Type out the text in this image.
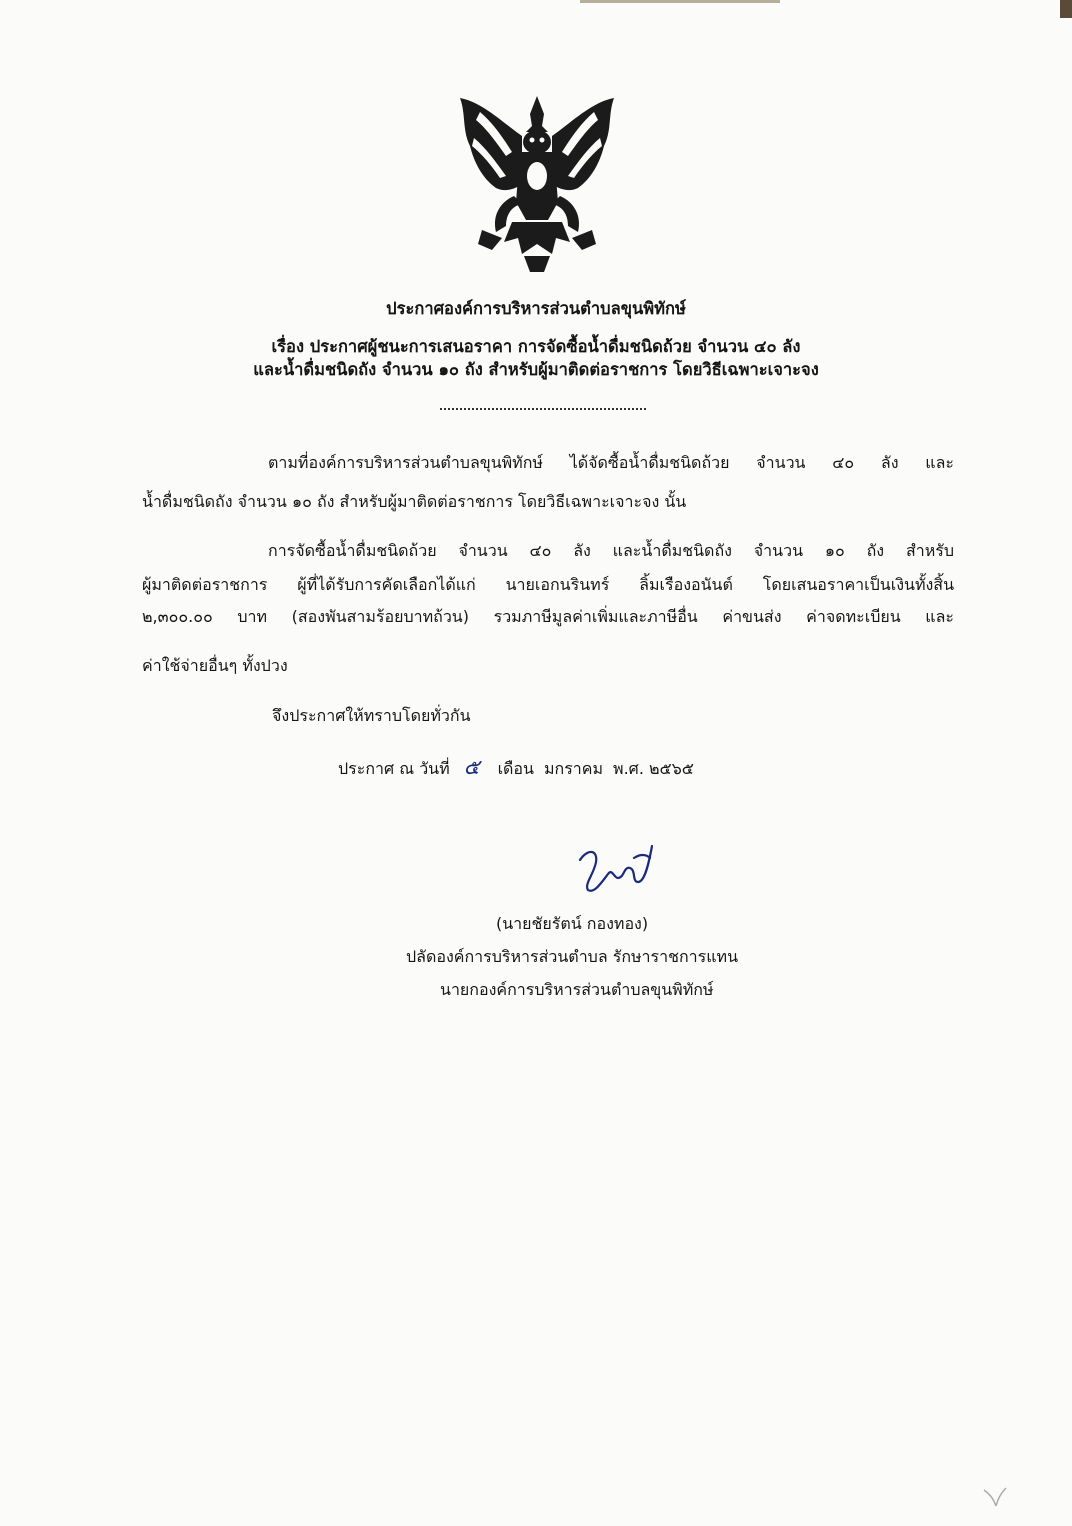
ประกาศองค์การบริหารส่วนตำบลขุนพิทักษ์
เรื่อง ประกาศผู้ชนะการเสนอราคา การจัดซื้อน้ำดื่มชนิดถ้วย จำนวน ๔๐ ลัง
และน้ำดื่มชนิดถัง จำนวน ๑๐ ถัง สำหรับผู้มาติดต่อราชการ โดยวิธีเฉพาะเจาะจง
ตามที่องค์การบริหารส่วนตำบลขุนพิทักษ์ ได้จัดซื้อน้ำดื่มชนิดถ้วย จำนวน ๔๐ ลัง และ
น้ำดื่มชนิดถัง จำนวน ๑๐ ถัง สำหรับผู้มาติดต่อราชการ โดยวิธีเฉพาะเจาะจง นั้น
การจัดซื้อน้ำดื่มชนิดถ้วย จำนวน ๔๐ ลัง และน้ำดื่มชนิดถัง จำนวน ๑๐ ถัง สำหรับ
ผู้มาติดต่อราชการ ผู้ที่ได้รับการคัดเลือกได้แก่ นายเอกนรินทร์ ลิ้มเรืองอนันต์ โดยเสนอราคาเป็นเงินทั้งสิ้น
๒,๓๐๐.๐๐ บาท (สองพันสามร้อยบาทถ้วน) รวมภาษีมูลค่าเพิ่มและภาษีอื่น ค่าขนส่ง ค่าจดทะเบียน และ
ค่าใช้จ่ายอื่นๆ ทั้งปวง
จึงประกาศให้ทราบโดยทั่วกัน
ประกาศ ณ วันที่ ๕ เดือน มกราคม พ.ศ. ๒๕๖๕
(นายชัยรัตน์ กองทอง)
ปลัดองค์การบริหารส่วนตำบล รักษาราชการแทน
นายกองค์การบริหารส่วนตำบลขุนพิทักษ์
